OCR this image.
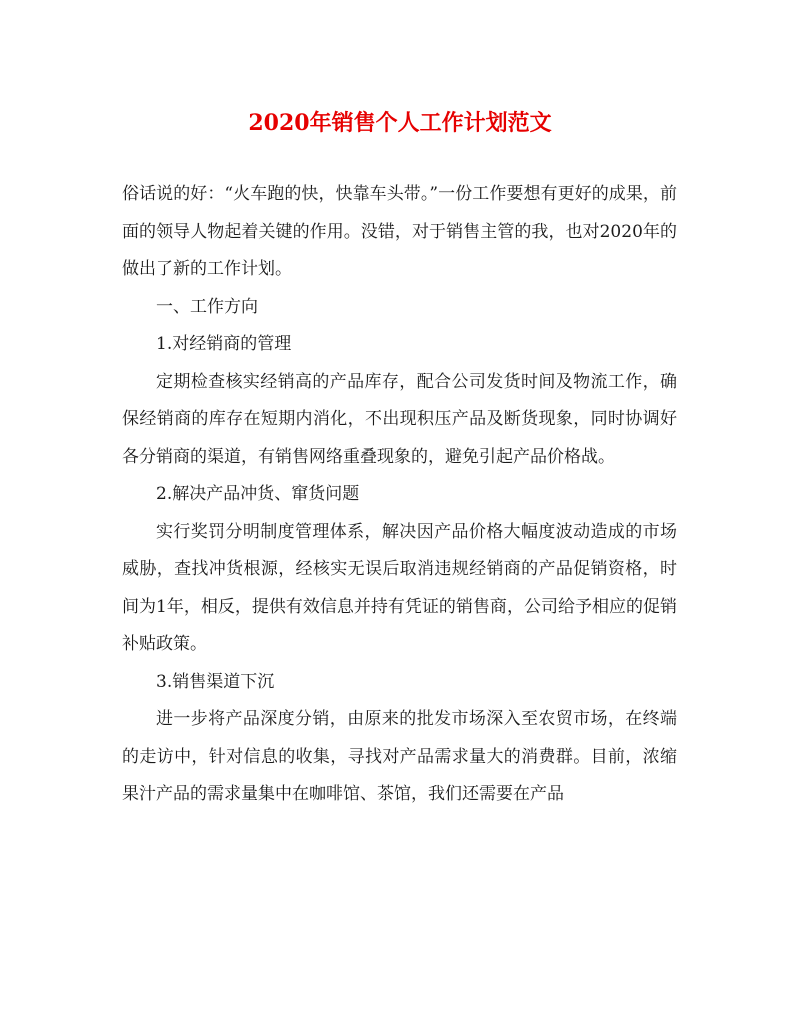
2020年销售个人工作计划范文

俗话说的好：“火车跑的快，快靠车头带。”一份工作要想有更好的成果，前面的领导人物起着关键的作用。没错，对于销售主管的我，也对2020年的做出了新的工作计划。

一、工作方向

1.对经销商的管理

定期检查核实经销高的产品库存，配合公司发货时间及物流工作，确保经销商的库存在短期内消化，不出现积压产品及断货现象，同时协调好各分销商的渠道，有销售网络重叠现象的，避免引起产品价格战。

2.解决产品冲货、窜货问题

实行奖罚分明制度管理体系，解决因产品价格大幅度波动造成的市场威胁，查找冲货根源，经核实无误后取消违规经销商的产品促销资格，时间为1年，相反，提供有效信息并持有凭证的销售商，公司给予相应的促销补贴政策。

3.销售渠道下沉

进一步将产品深度分销，由原来的批发市场深入至农贸市场，在终端的走访中，针对信息的收集，寻找对产品需求量大的消费群。目前，浓缩果汁产品的需求量集中在咖啡馆、茶馆，我们还需要在产品
